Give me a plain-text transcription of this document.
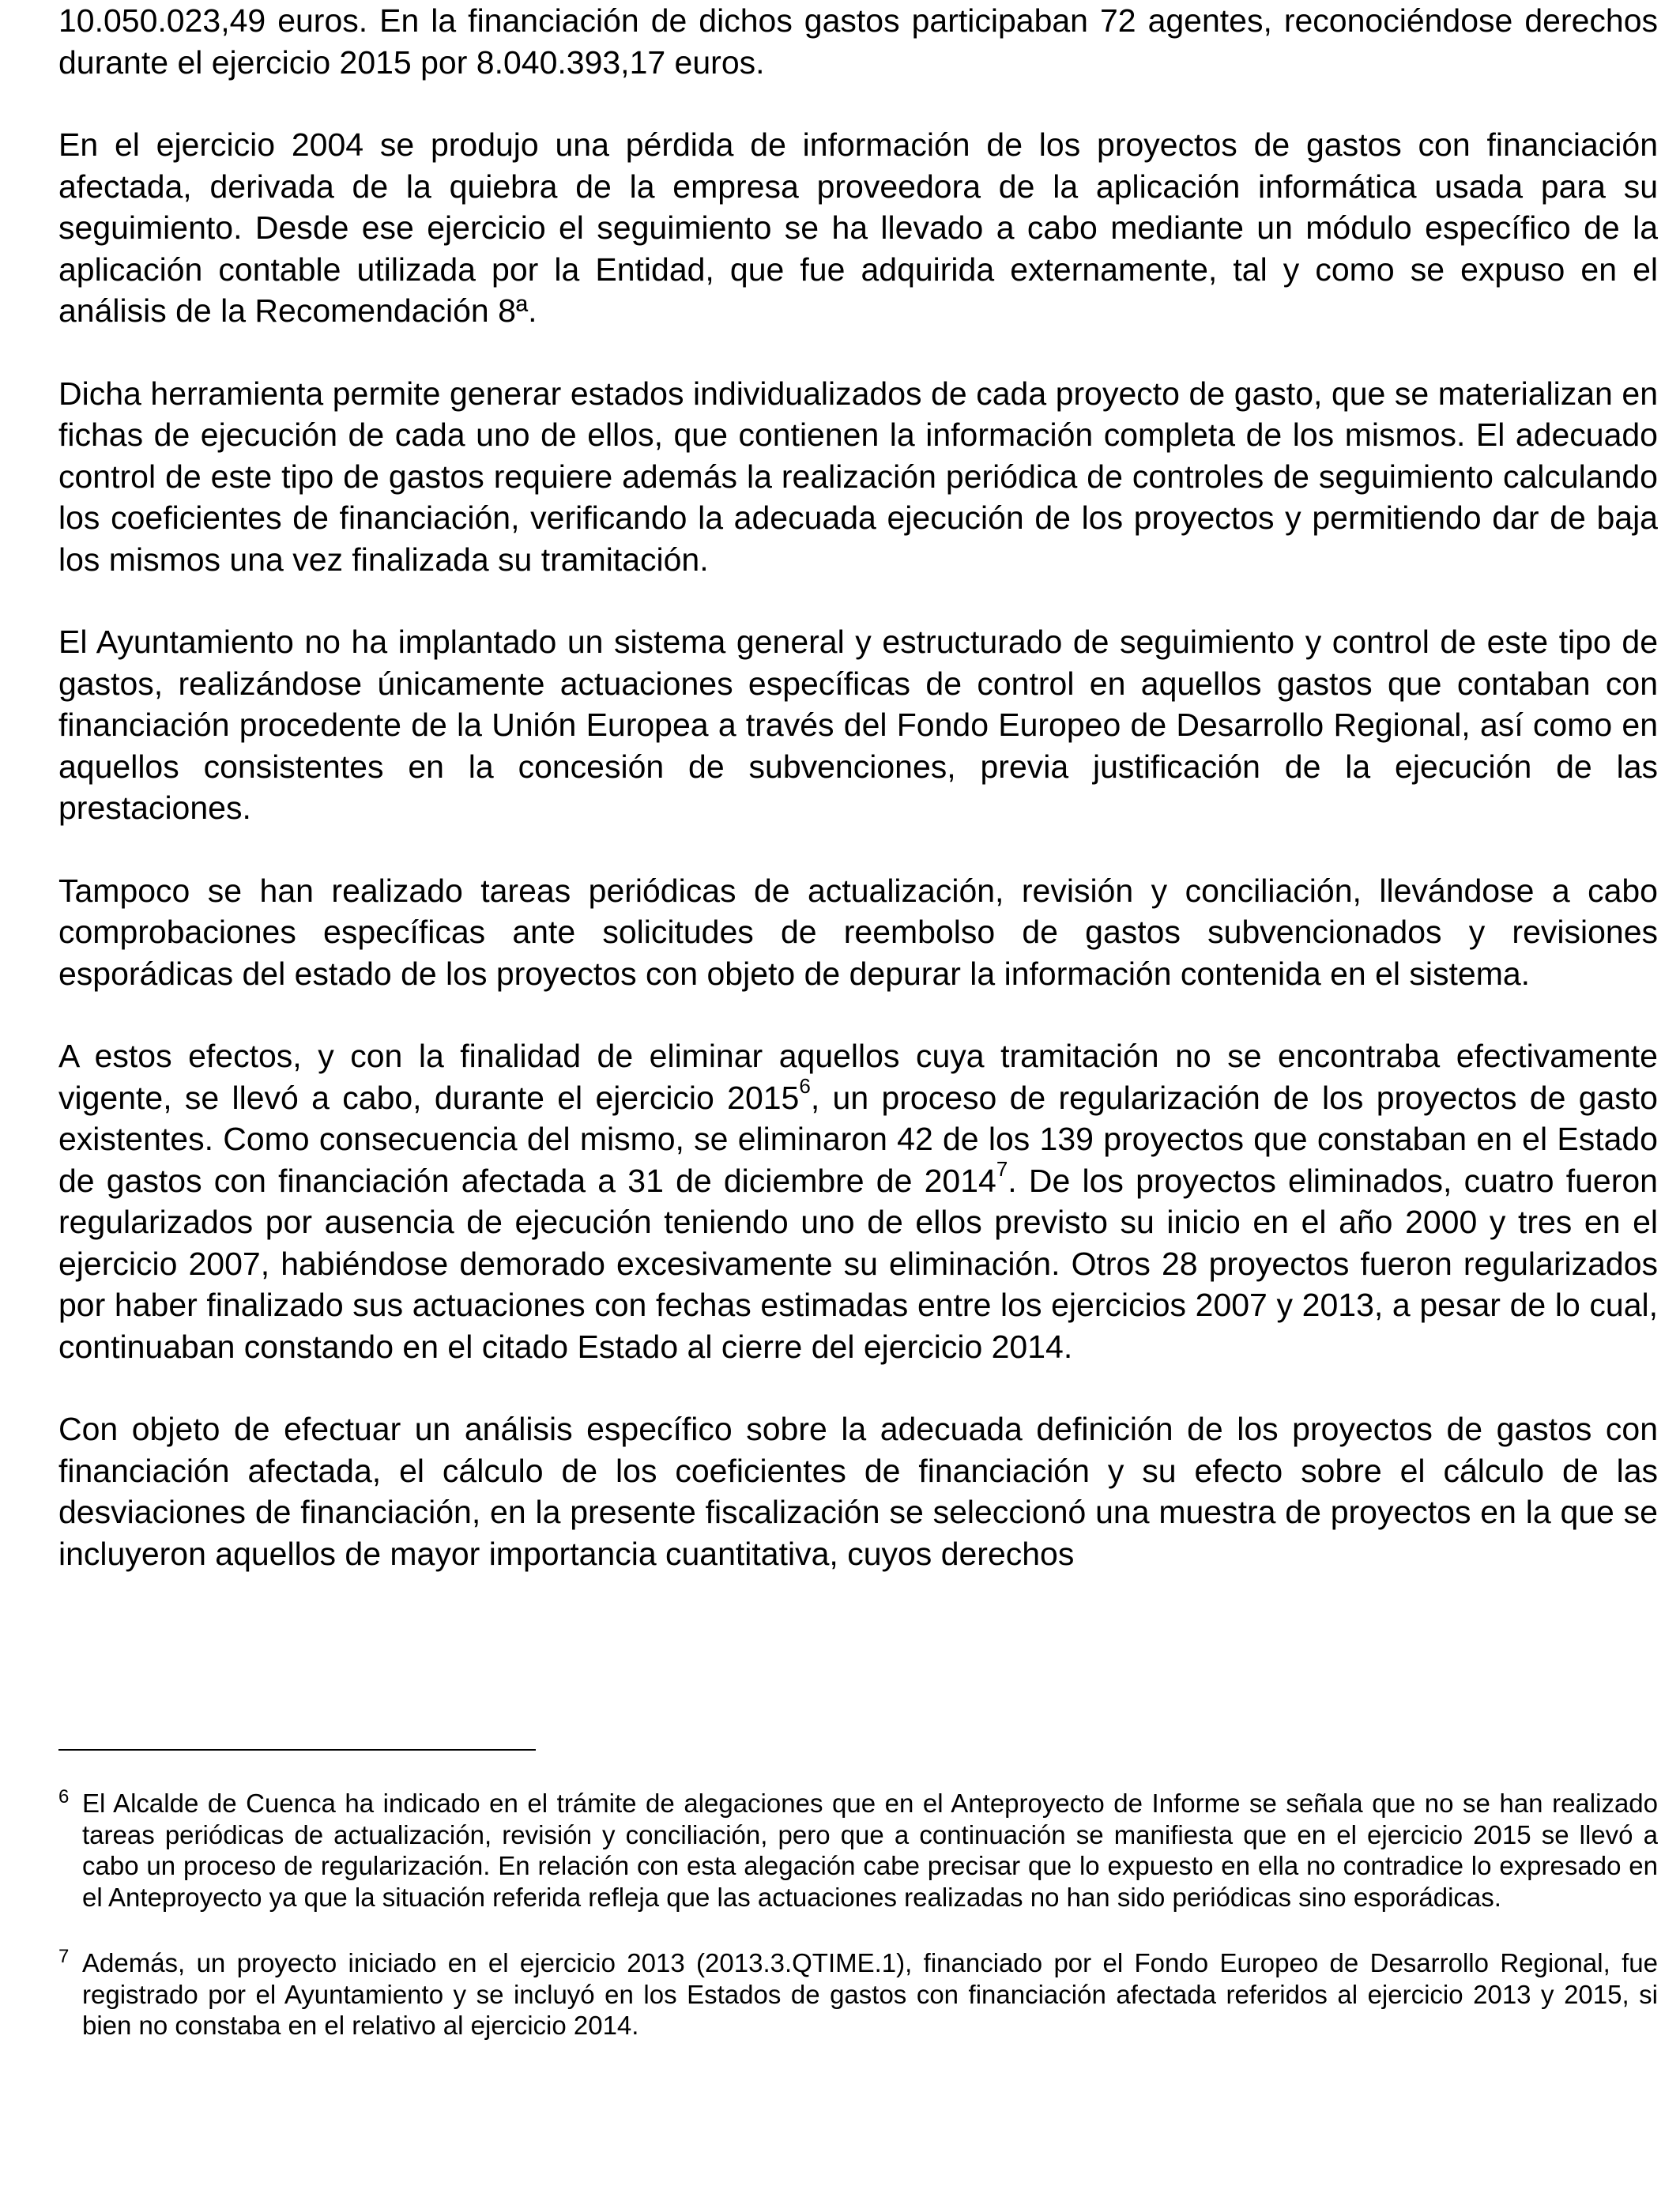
10.050.023,49 euros. En la financiación de dichos gastos participaban 72 agentes, reconociéndose derechos durante el ejercicio 2015 por 8.040.393,17 euros.

En el ejercicio 2004 se produjo una pérdida de información de los proyectos de gastos con financiación afectada, derivada de la quiebra de la empresa proveedora de la aplicación informática usada para su seguimiento. Desde ese ejercicio el seguimiento se ha llevado a cabo mediante un módulo específico de la aplicación contable utilizada por la Entidad, que fue adquirida externamente, tal y como se expuso en el análisis de la Recomendación 8ª.

Dicha herramienta permite generar estados individualizados de cada proyecto de gasto, que se materializan en fichas de ejecución de cada uno de ellos, que contienen la información completa de los mismos. El adecuado control de este tipo de gastos requiere además la realización periódica de controles de seguimiento calculando los coeficientes de financiación, verificando la adecuada ejecución de los proyectos y permitiendo dar de baja los mismos una vez finalizada su tramitación.

El Ayuntamiento no ha implantado un sistema general y estructurado de seguimiento y control de este tipo de gastos, realizándose únicamente actuaciones específicas de control en aquellos gastos que contaban con financiación procedente de la Unión Europea a través del Fondo Europeo de Desarrollo Regional, así como en aquellos consistentes en la concesión de subvenciones, previa justificación de la ejecución de las prestaciones.

Tampoco se han realizado tareas periódicas de actualización, revisión y conciliación, llevándose a cabo comprobaciones específicas ante solicitudes de reembolso de gastos subvencionados y revisiones esporádicas del estado de los proyectos con objeto de depurar la información contenida en el sistema.

A estos efectos, y con la finalidad de eliminar aquellos cuya tramitación no se encontraba efectivamente vigente, se llevó a cabo, durante el ejercicio 2015$^6$, un proceso de regularización de los proyectos de gasto existentes. Como consecuencia del mismo, se eliminaron 42 de los 139 proyectos que constaban en el Estado de gastos con financiación afectada a 31 de diciembre de 2014$^7$. De los proyectos eliminados, cuatro fueron regularizados por ausencia de ejecución teniendo uno de ellos previsto su inicio en el año 2000 y tres en el ejercicio 2007, habiéndose demorado excesivamente su eliminación. Otros 28 proyectos fueron regularizados por haber finalizado sus actuaciones con fechas estimadas entre los ejercicios 2007 y 2013, a pesar de lo cual, continuaban constando en el citado Estado al cierre del ejercicio 2014.

Con objeto de efectuar un análisis específico sobre la adecuada definición de los proyectos de gastos con financiación afectada, el cálculo de los coeficientes de financiación y su efecto sobre el cálculo de las desviaciones de financiación, en la presente fiscalización se seleccionó una muestra de proyectos en la que se incluyeron aquellos de mayor importancia cuantitativa, cuyos derechos

6 El Alcalde de Cuenca ha indicado en el trámite de alegaciones que en el Anteproyecto de Informe se señala que no se han realizado tareas periódicas de actualización, revisión y conciliación, pero que a continuación se manifiesta que en el ejercicio 2015 se llevó a cabo un proceso de regularización. En relación con esta alegación cabe precisar que lo expuesto en ella no contradice lo expresado en el Anteproyecto ya que la situación referida refleja que las actuaciones realizadas no han sido periódicas sino esporádicas.
7 Además, un proyecto iniciado en el ejercicio 2013 (2013.3.QTIME.1), financiado por el Fondo Europeo de Desarrollo Regional, fue registrado por el Ayuntamiento y se incluyó en los Estados de gastos con financiación afectada referidos al ejercicio 2013 y 2015, si bien no constaba en el relativo al ejercicio 2014.
